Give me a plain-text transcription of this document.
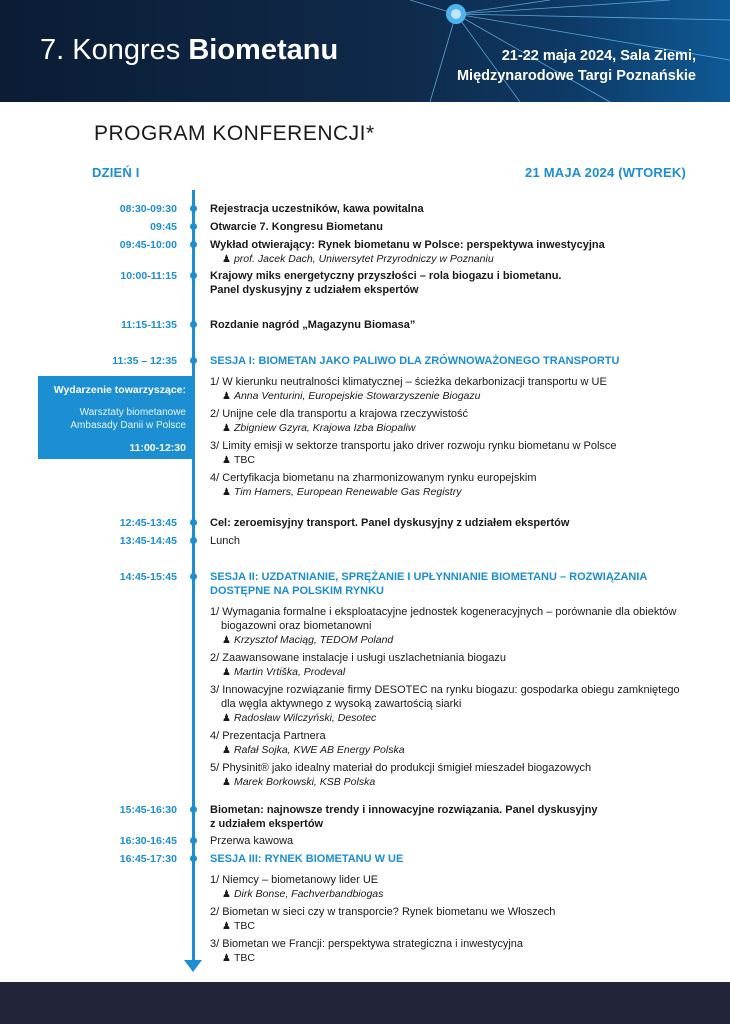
7. Kongres Biometanu	21-22 maja 2024, Sala Ziemi,
Międzynarodowe Targi Poznańskie
PROGRAM KONFERENCJI*
DZIEŃ I	21 MAJA 2024 (WTOREK)
Wydarzenie towarzyszące:
Warsztaty biometanowe
Ambasady Danii w Polsce
11:00-12:30
08:30-09:30	Rejestracja uczestników, kawa powitalna
09:45	Otwarcie 7. Kongresu Biometanu
09:45-10:00	Wykład otwierający: Rynek biometanu w Polsce: perspektywa inwestycyjna
♟ prof. Jacek Dach, Uniwersytet Przyrodniczy w Poznaniu
10:00-11:15	Krajowy miks energetyczny przyszłości – rola biogazu i biometanu.
Panel dyskusyjny z udziałem ekspertów
11:15-11:35	Rozdanie nagród „Magazynu Biomasa”
11:35 – 12:35	SESJA I: BIOMETAN JAKO PALIWO DLA ZRÓWNOWAŻONEGO TRANSPORTU
1/ W kierunku neutralności klimatycznej – ścieżka dekarbonizacji transportu w UE
♟ Anna Venturini, Europejskie Stowarzyszenie Biogazu
2/ Unijne cele dla transportu a krajowa rzeczywistość
♟ Zbigniew Gzyra, Krajowa Izba Biopaliw
3/ Limity emisji w sektorze transportu jako driver rozwoju rynku biometanu w Polsce
♟ TBC
4/ Certyfikacja biometanu na zharmonizowanym rynku europejskim
♟ Tim Hamers, European Renewable Gas Registry
12:45-13:45	Cel: zeroemisyjny transport. Panel dyskusyjny z udziałem ekspertów
13:45-14:45	Lunch
14:45-15:45	SESJA II: UZDATNIANIE, SPRĘŻANIE I UPŁYNNIANIE BIOMETANU – ROZWIĄZANIA DOSTĘPNE NA POLSKIM RYNKU
1/ Wymagania formalne i eksploatacyjne jednostek kogeneracyjnych – porównanie dla obiektów biogazowni oraz biometanowni
♟ Krzysztof Maciąg, TEDOM Poland
2/ Zaawansowane instalacje i usługi uszlachetniania biogazu
♟ Martin Vrtiška, Prodeval
3/ Innowacyjne rozwiązanie firmy DESOTEC na rynku biogazu: gospodarka obiegu zamkniętego dla węgla aktywnego z wysoką zawartością siarki
♟ Radosław Wilczyński, Desotec
4/ Prezentacja Partnera
♟ Rafał Sojka, KWE AB Energy Polska
5/ Physinit® jako idealny materiał do produkcji śmigieł mieszadeł biogazowych
♟ Marek Borkowski, KSB Polska
15:45-16:30	Biometan: najnowsze trendy i innowacyjne rozwiązania. Panel dyskusyjny
z udziałem ekspertów
16:30-16:45	Przerwa kawowa
16:45-17:30	SESJA III: RYNEK BIOMETANU W UE
1/ Niemcy – biometanowy lider UE
♟ Dirk Bonse, Fachverbandbiogas
2/ Biometan w sieci czy w transporcie? Rynek biometanu we Włoszech
♟ TBC
3/ Biometan we Francji: perspektywa strategiczna i inwestycyjna
♟ TBC
